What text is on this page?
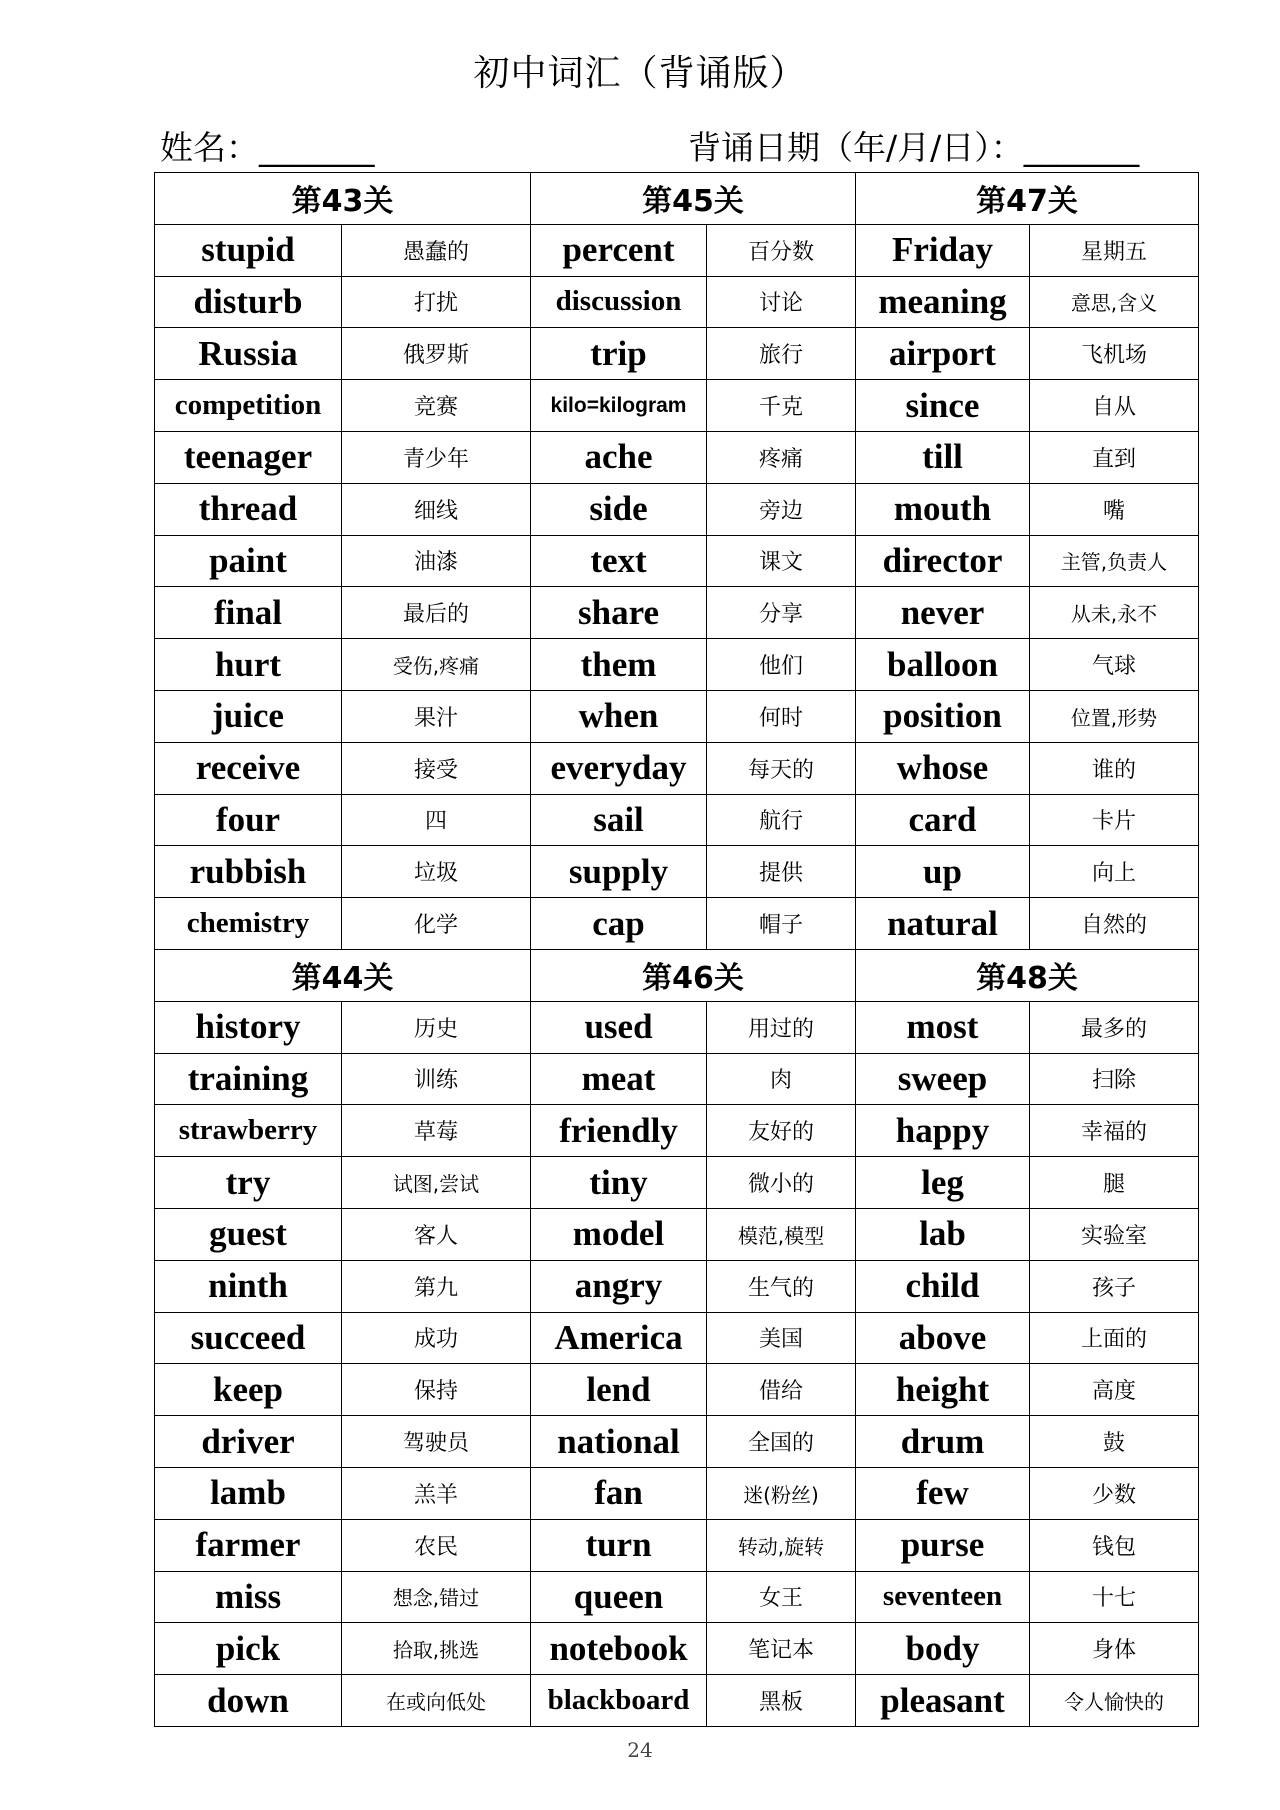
初中词汇（背诵版）
姓名：_______	背诵日期（年/月/日）：_______
第43关		第45关		第47关	
stupid	愚蠢的	percent	百分数	Friday	星期五
disturb	打扰	discussion	讨论	meaning	意思,含义
Russia	俄罗斯	trip	旅行	airport	飞机场
competition	竞赛	kilo=kilogram	千克	since	自从
teenager	青少年	ache	疼痛	till	直到
thread	细线	side	旁边	mouth	嘴
paint	油漆	text	课文	director	主管,负责人
final	最后的	share	分享	never	从未,永不
hurt	受伤,疼痛	them	他们	balloon	气球
juice	果汁	when	何时	position	位置,形势
receive	接受	everyday	每天的	whose	谁的
four	四	sail	航行	card	卡片
rubbish	垃圾	supply	提供	up	向上
chemistry	化学	cap	帽子	natural	自然的
第44关		第46关		第48关	
history	历史	used	用过的	most	最多的
training	训练	meat	肉	sweep	扫除
strawberry	草莓	friendly	友好的	happy	幸福的
try	试图,尝试	tiny	微小的	leg	腿
guest	客人	model	模范,模型	lab	实验室
ninth	第九	angry	生气的	child	孩子
succeed	成功	America	美国	above	上面的
keep	保持	lend	借给	height	高度
driver	驾驶员	national	全国的	drum	鼓
lamb	羔羊	fan	迷(粉丝)	few	少数
farmer	农民	turn	转动,旋转	purse	钱包
miss	想念,错过	queen	女王	seventeen	十七
pick	拾取,挑选	notebook	笔记本	body	身体
down	在或向低处	blackboard	黑板	pleasant	令人愉快的
24
